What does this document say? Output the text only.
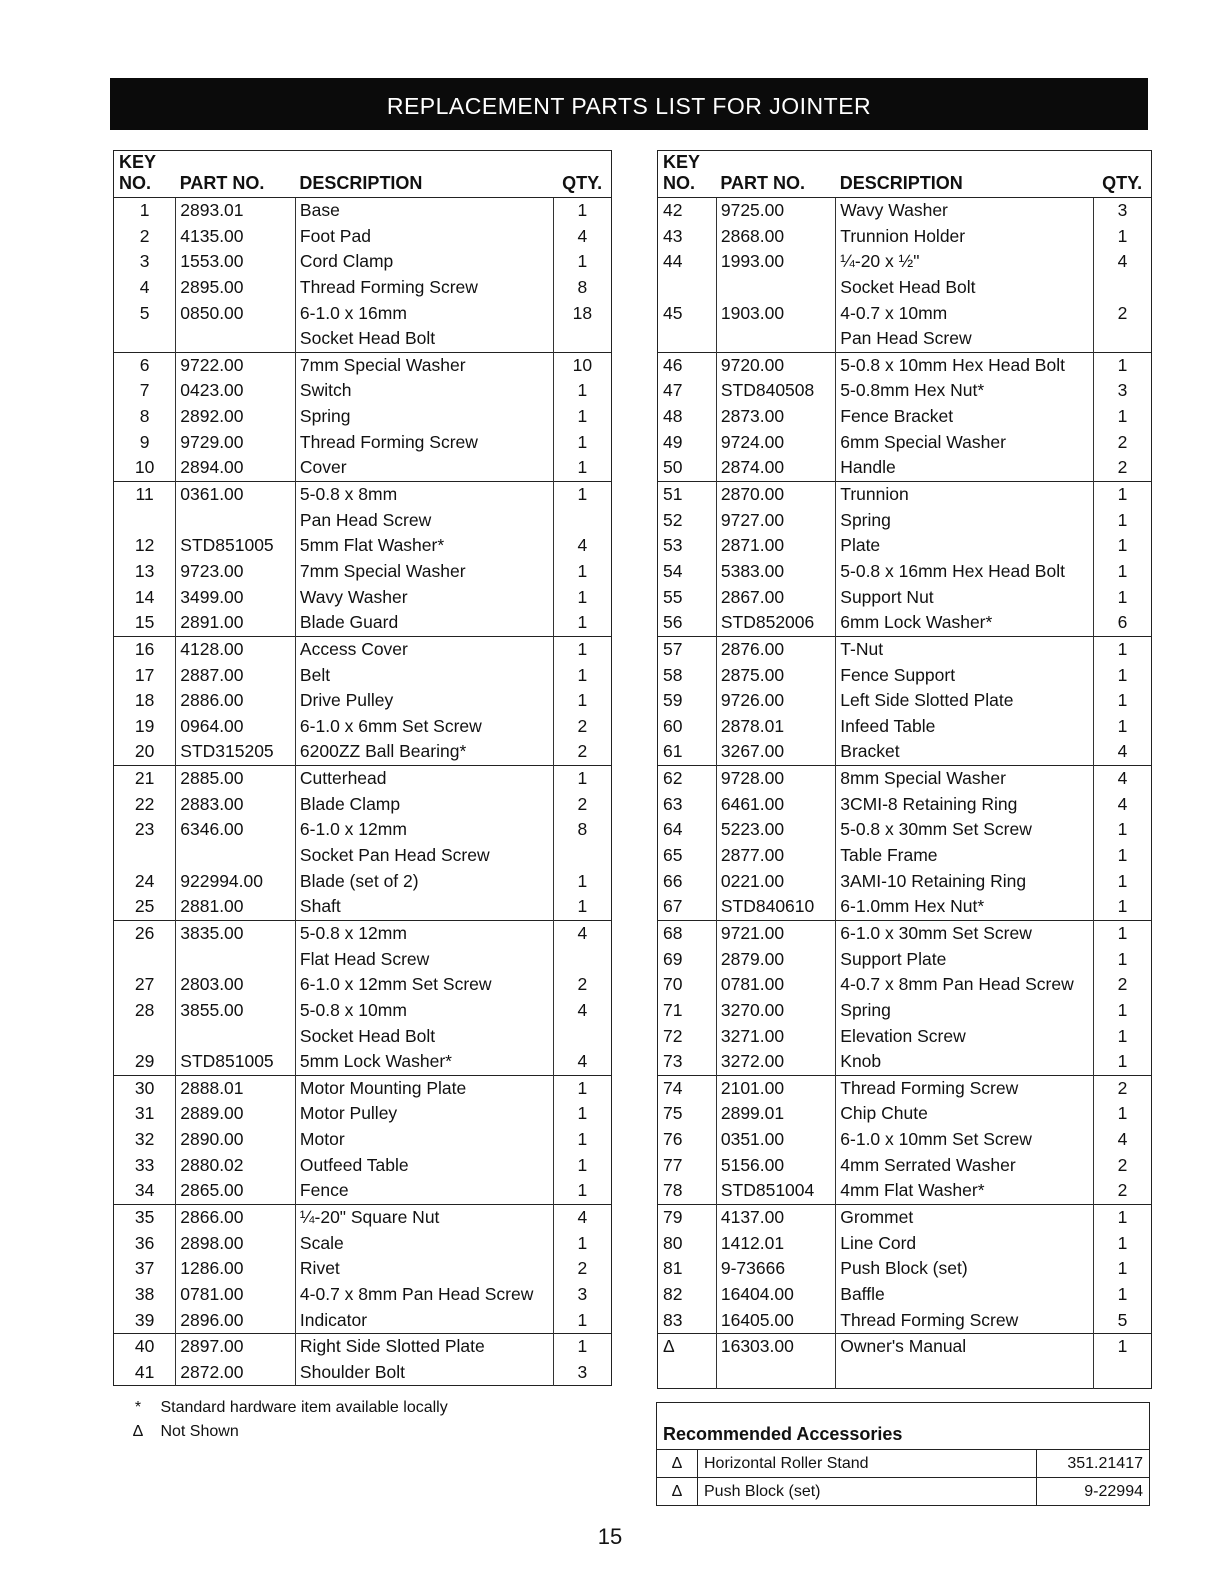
REPLACEMENT PARTS LIST FOR JOINTER
KEY			
NO.	PART NO.	DESCRIPTION	QTY.
1	2893.01	Base	1
2	4135.00	Foot Pad	4
3	1553.00	Cord Clamp	1
4	2895.00	Thread Forming Screw	8
5	0850.00	6-1.0 x 16mm	18
		Socket Head Bolt	
6	9722.00	7mm Special Washer	10
7	0423.00	Switch	1
8	2892.00	Spring	1
9	9729.00	Thread Forming Screw	1
10	2894.00	Cover	1
11	0361.00	5-0.8 x 8mm	1
		Pan Head Screw	
12	STD851005	5mm Flat Washer*	4
13	9723.00	7mm Special Washer	1
14	3499.00	Wavy Washer	1
15	2891.00	Blade Guard	1
16	4128.00	Access Cover	1
17	2887.00	Belt	1
18	2886.00	Drive Pulley	1
19	0964.00	6-1.0 x 6mm Set Screw	2
20	STD315205	6200ZZ Ball Bearing*	2
21	2885.00	Cutterhead	1
22	2883.00	Blade Clamp	2
23	6346.00	6-1.0 x 12mm	8
		Socket Pan Head Screw	
24	922994.00	Blade (set of 2)	1
25	2881.00	Shaft	1
26	3835.00	5-0.8 x 12mm	4
		Flat Head Screw	
27	2803.00	6-1.0 x 12mm Set Screw	2
28	3855.00	5-0.8 x 10mm	4
		Socket Head Bolt	
29	STD851005	5mm Lock Washer*	4
30	2888.01	Motor Mounting Plate	1
31	2889.00	Motor Pulley	1
32	2890.00	Motor	1
33	2880.02	Outfeed Table	1
34	2865.00	Fence	1
35	2866.00	¼-20" Square Nut	4
36	2898.00	Scale	1
37	1286.00	Rivet	2
38	0781.00	4-0.7 x 8mm Pan Head Screw	3
39	2896.00	Indicator	1
40	2897.00	Right Side Slotted Plate	1
41	2872.00	Shoulder Bolt	3
KEY			
NO.	PART NO.	DESCRIPTION	QTY.
42	9725.00	Wavy Washer	3
43	2868.00	Trunnion Holder	1
44	1993.00	¼-20 x ½"	4
		Socket Head Bolt	
45	1903.00	4-0.7 x 10mm	2
		Pan Head Screw	
46	9720.00	5-0.8 x 10mm Hex Head Bolt	1
47	STD840508	5-0.8mm Hex Nut*	3
48	2873.00	Fence Bracket	1
49	9724.00	6mm Special Washer	2
50	2874.00	Handle	2
51	2870.00	Trunnion	1
52	9727.00	Spring	1
53	2871.00	Plate	1
54	5383.00	5-0.8 x 16mm Hex Head Bolt	1
55	2867.00	Support Nut	1
56	STD852006	6mm Lock Washer*	6
57	2876.00	T-Nut	1
58	2875.00	Fence Support	1
59	9726.00	Left Side Slotted Plate	1
60	2878.01	Infeed Table	1
61	3267.00	Bracket	4
62	9728.00	8mm Special Washer	4
63	6461.00	3CMI-8 Retaining Ring	4
64	5223.00	5-0.8 x 30mm Set Screw	1
65	2877.00	Table Frame	1
66	0221.00	3AMI-10 Retaining Ring	1
67	STD840610	6-1.0mm Hex Nut*	1
68	9721.00	6-1.0 x 30mm Set Screw	1
69	2879.00	Support Plate	1
70	0781.00	4-0.7 x 8mm Pan Head Screw	2
71	3270.00	Spring	1
72	3271.00	Elevation Screw	1
73	3272.00	Knob	1
74	2101.00	Thread Forming Screw	2
75	2899.01	Chip Chute	1
76	0351.00	6-1.0 x 10mm Set Screw	4
77	5156.00	4mm Serrated Washer	2
78	STD851004	4mm Flat Washer*	2
79	4137.00	Grommet	1
80	1412.01	Line Cord	1
81	9-73666	Push Block (set)	1
82	16404.00	Baffle	1
83	16405.00	Thread Forming Screw	5
Δ	16303.00	Owner's Manual	1

* Standard hardware item available locally
Δ Not Shown	Recommended Accessories		
Δ	Horizontal Roller Stand	351.21417
Δ	Push Block (set)	9-22994
15
